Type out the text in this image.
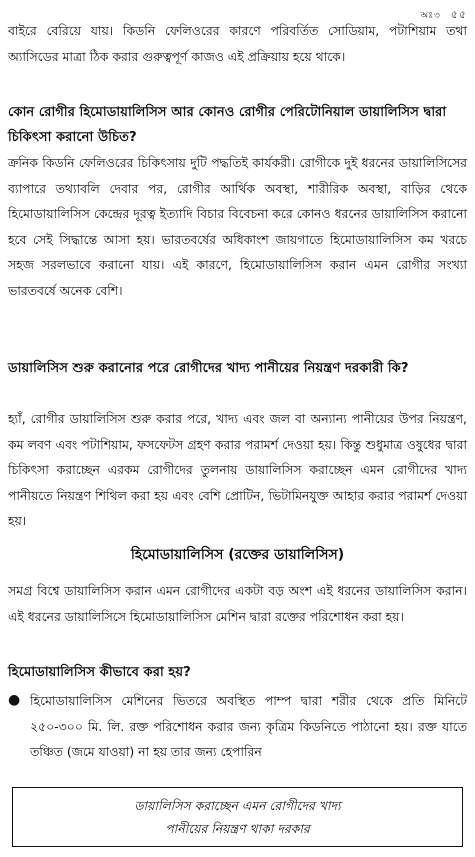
অঃ৩ ৫৫
বাইরে বেরিয়ে যায়। কিডনি ফেলিওরের কারণে পরিবর্তিত সোডিয়াম, পটাশিয়াম তথা অ্যাসিডের মাত্রা ঠিক করার গুরুত্বপূর্ণ কাজও এই প্রক্রিয়ায় হয়ে থাকে।
কোন রোগীর হিমোডায়ালিসিস আর কোনও রোগীর পেরিটোনিয়াল ডায়ালিসিস দ্বারা চিকিৎসা করানো উচিত?
ক্রনিক কিডনি ফেলিওরের চিকিৎসায় দুটি পদ্ধতিই কার্যকরী। রোগীকে দুই ধরনের ডায়ালিসিসের ব্যাপারে তথ্যাবলি দেবার পর, রোগীর আর্থিক অবস্থা, শারীরিক অবস্থা, বাড়ির থেকে হিমোডায়ালিসিস কেন্দ্রের দূরত্ব ইত্যাদি বিচার বিবেচনা করে কোনও ধরনের ডায়ালিসিস করানো হবে সেই সিদ্ধান্তে আসা হয়। ভারতবর্ষের অধিকাংশ জায়গাতে হিমোডায়ালিসিস কম খরচে সহজ সরলভাবে করানো যায়। এই কারণে, হিমোডায়ালিসিস করান এমন রোগীর সংখ্যা ভারতবর্ষে অনেক বেশি।
ডায়ালিসিস শুরু করানোর পরে রোগীদের খাদ্য পানীয়ের নিয়ন্ত্রণ দরকারী কি?
হ্যাঁ, রোগীর ডায়ালিসিস শুরু করার পরে, খাদ্য এবং জল বা অন্যান্য পানীয়ের উপর নিয়ন্ত্রণ, কম লবণ এবং পটাশিয়াম, ফসফেটস গ্রহণ করার পরামর্শ দেওয়া হয়। কিন্তু শুধুমাত্র ওষুধের দ্বারা চিকিৎসা করাচ্ছেন এরকম রোগীদের তুলনায় ডায়ালিসিস করাচ্ছেন এমন রোগীদের খাদ্য পানীয়তে নিয়ন্ত্রণ শিথিল করা হয় এবং বেশি প্রোটিন, ভিটামিনযুক্ত আহার করার পরামর্শ দেওয়া হয়।
হিমোডায়ালিসিস (রক্তের ডায়ালিসিস)
সমগ্র বিশ্বে ডায়ালিসিস করান এমন রোগীদের একটা বড় অংশ এই ধরনের ডায়ালিসিস করান। এই ধরনের ডায়ালিসিসে হিমোডায়ালিসিস মেশিন দ্বারা রক্তের পরিশোধন করা হয়।
হিমোডায়ালিসিস কীভাবে করা হয়?
● হিমোডায়ালিসিস মেশিনের ভিতরে অবস্থিত পাম্প দ্বারা শরীর থেকে প্রতি মিনিটে ২৫০-৩০০ মি. লি. রক্ত পরিশোধন করার জন্য কৃত্রিম কিডনিতে পাঠানো হয়। রক্ত যাতে তঞ্চিত (জমে যাওয়া) না হয় তার জন্য হেপারিন
ডায়ালিসিস করাচ্ছেন এমন রোগীদের খাদ্য
পানীয়ের নিয়ন্ত্রণ থাকা দরকার
